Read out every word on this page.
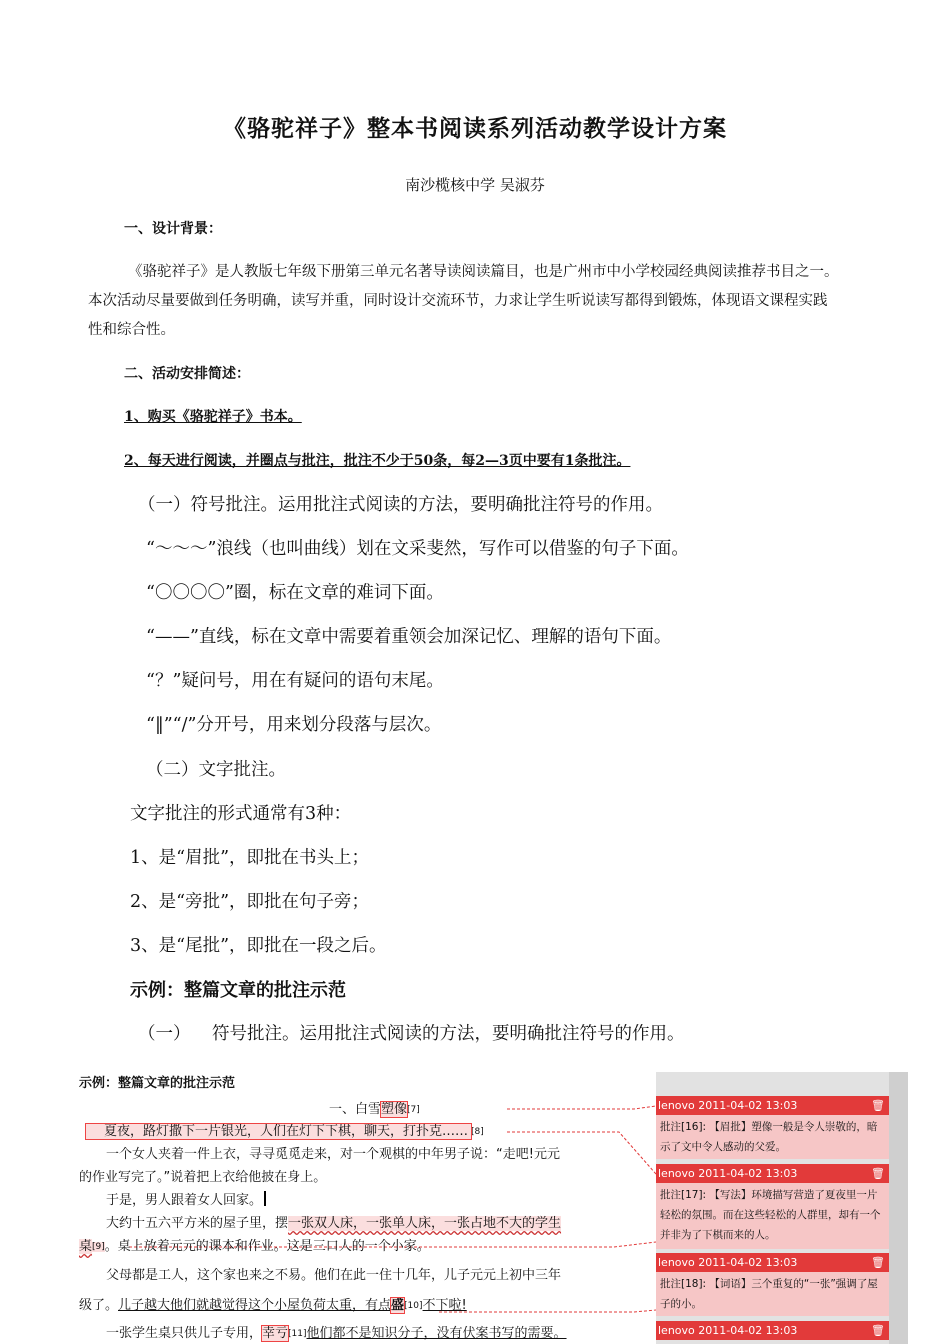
《骆驼祥子》整本书阅读系列活动教学设计方案
南沙榄核中学 吴淑芬
一、设计背景：
《骆驼祥子》是人教版七年级下册第三单元名著导读阅读篇目，也是广州市中小学校园经典阅读推荐书目之一。本次活动尽量要做到任务明确，读写并重，同时设计交流环节，力求让学生听说读写都得到锻炼，体现语文课程实践性和综合性。
二、活动安排简述：
1、购买《骆驼祥子》书本。
2、每天进行阅读，并圈点与批注，批注不少于50条，每2—3页中要有1条批注。
（一）符号批注。运用批注式阅读的方法，要明确批注符号的作用。
“～～～”浪线（也叫曲线）划在文采斐然，写作可以借鉴的句子下面。
“〇〇〇〇”圈，标在文章的难词下面。
“——”直线，标在文章中需要着重领会加深记忆、理解的语句下面。
“？”疑问号，用在有疑问的语句末尾。
“‖”“/”分开号，用来划分段落与层次。
（二）文字批注。
文字批注的形式通常有3种：
1、是“眉批”，即批在书头上；
2、是“旁批”，即批在句子旁；
3、是“尾批”，即批在一段之后。
示例：整篇文章的批注示范
（一） 符号批注。运用批注式阅读的方法，要明确批注符号的作用。
示例：整篇文章的批注示范
一、白雪塑像[7]
夏夜，路灯撒下一片银光，人们在灯下下棋，聊天，打扑克…… [8]
一个女人夹着一件上衣，寻寻觅觅走来，对一个观棋的中年男子说：“走吧!元元
的作业写完了。”说着把上衣给他披在身上。
于是，男人跟着女人回家。
大约十五六平方米的屋子里，摆一张双人床，一张单人床，一张占地不大的学生
桌[9]。桌上放着元元的课本和作业。这是三口人的一个小家。
父母都是工人，这个家也来之不易。他们在此一住十几年，儿子元元上初中三年
级了。儿子越大他们就越觉得这个小屋负荷太重，有点盛[10]不下啦!
一张学生桌只供儿子专用，幸亏[11]他们都不是知识分子，没有伏案书写的需要。
lenovo 2011-04-02 13:03	🗑
批注[16]: 【眉批】塑像一般是令人崇敬的，暗示了文中令人感动的父爱。
lenovo 2011-04-02 13:03	🗑
批注[17]: 【写法】环境描写营造了夏夜里一片轻松的氛围。而在这些轻松的人群里，却有一个并非为了下棋而来的人。
lenovo 2011-04-02 13:03	🗑
批注[18]: 【词语】三个重复的“一张”强调了屋子的小。
lenovo 2011-04-02 13:03	🗑
